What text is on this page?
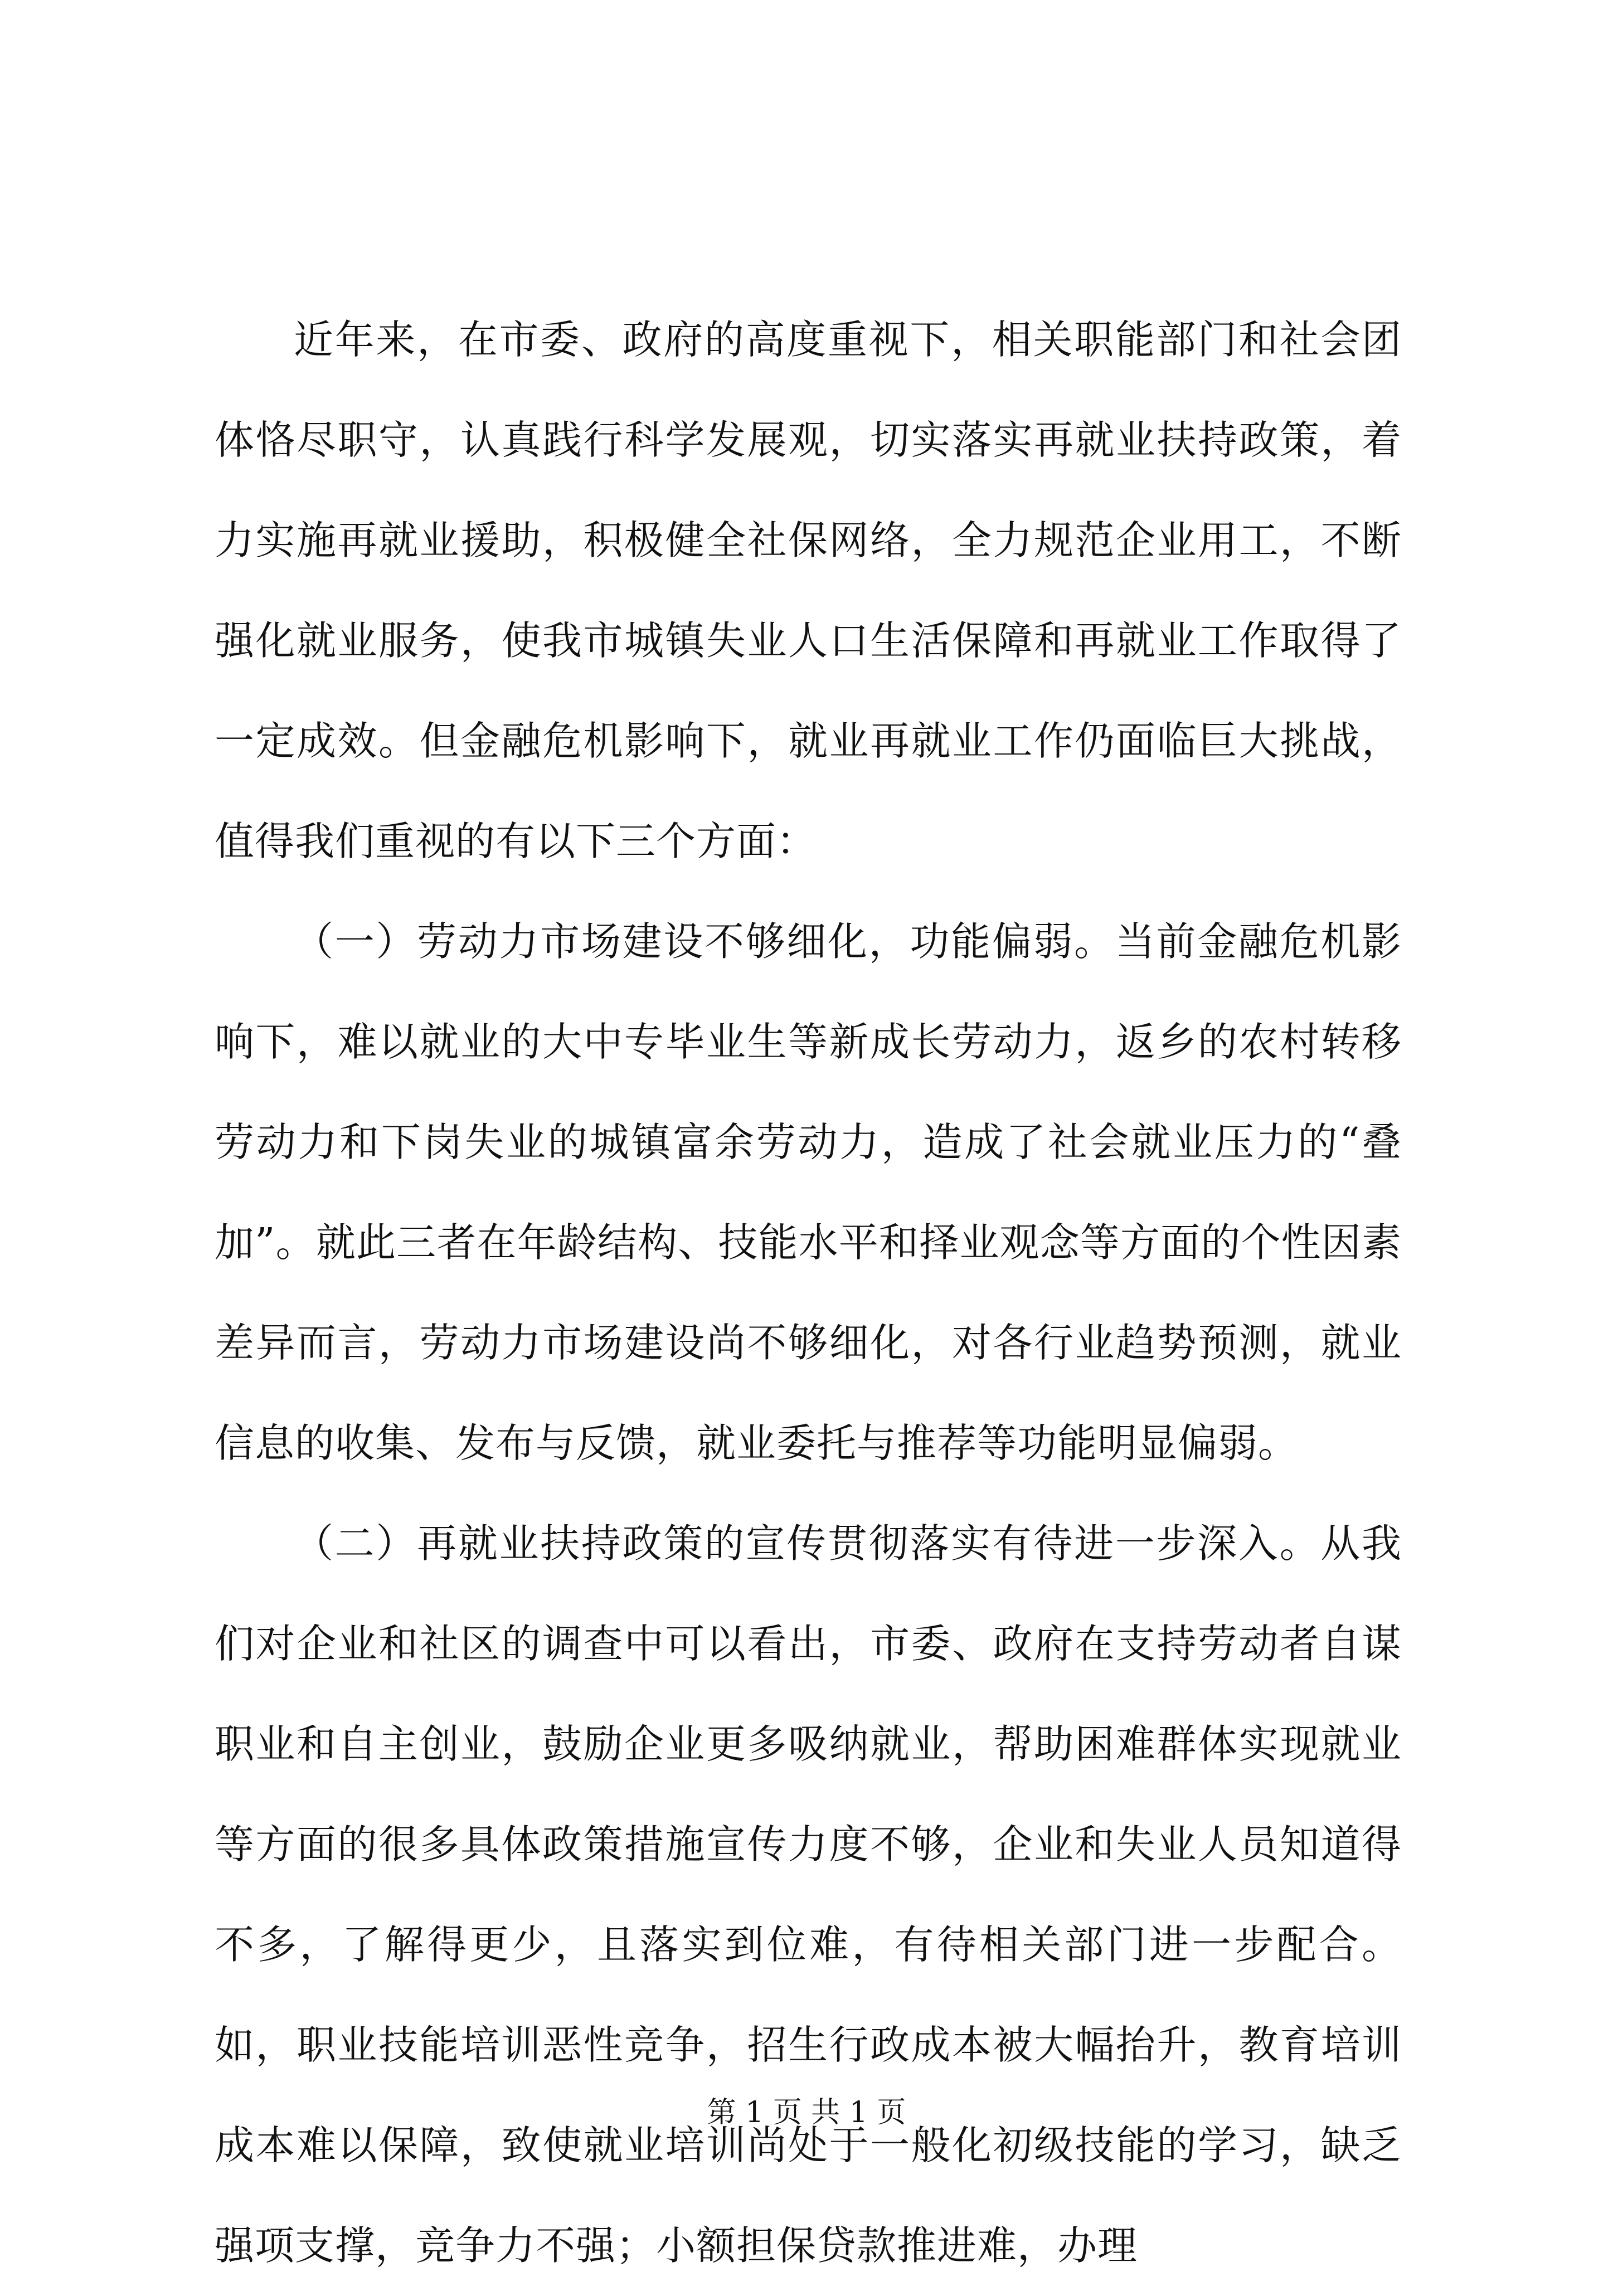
近年来，在市委、政府的高度重视下，相关职能部门和社会团体恪尽职守，认真践行科学发展观，切实落实再就业扶持政策，着力实施再就业援助，积极健全社保网络，全力规范企业用工，不断强化就业服务，使我市城镇失业人口生活保障和再就业工作取得了一定成效。但金融危机影响下，就业再就业工作仍面临巨大挑战，值得我们重视的有以下三个方面：

（一）劳动力市场建设不够细化，功能偏弱。当前金融危机影响下，难以就业的大中专毕业生等新成长劳动力，返乡的农村转移劳动力和下岗失业的城镇富余劳动力，造成了社会就业压力的“叠加”。就此三者在年龄结构、技能水平和择业观念等方面的个性因素差异而言，劳动力市场建设尚不够细化，对各行业趋势预测，就业信息的收集、发布与反馈，就业委托与推荐等功能明显偏弱。

（二）再就业扶持政策的宣传贯彻落实有待进一步深入。从我们对企业和社区的调查中可以看出，市委、政府在支持劳动者自谋职业和自主创业，鼓励企业更多吸纳就业，帮助困难群体实现就业等方面的很多具体政策措施宣传力度不够，企业和失业人员知道得不多，了解得更少，且落实到位难，有待相关部门进一步配合。如，职业技能培训恶性竞争，招生行政成本被大幅抬升，教育培训成本难以保障，致使就业培训尚处于一般化初级技能的学习，缺乏强项支撑，竞争力不强；小额担保贷款推进难，办理

第 1 页 共 1 页
